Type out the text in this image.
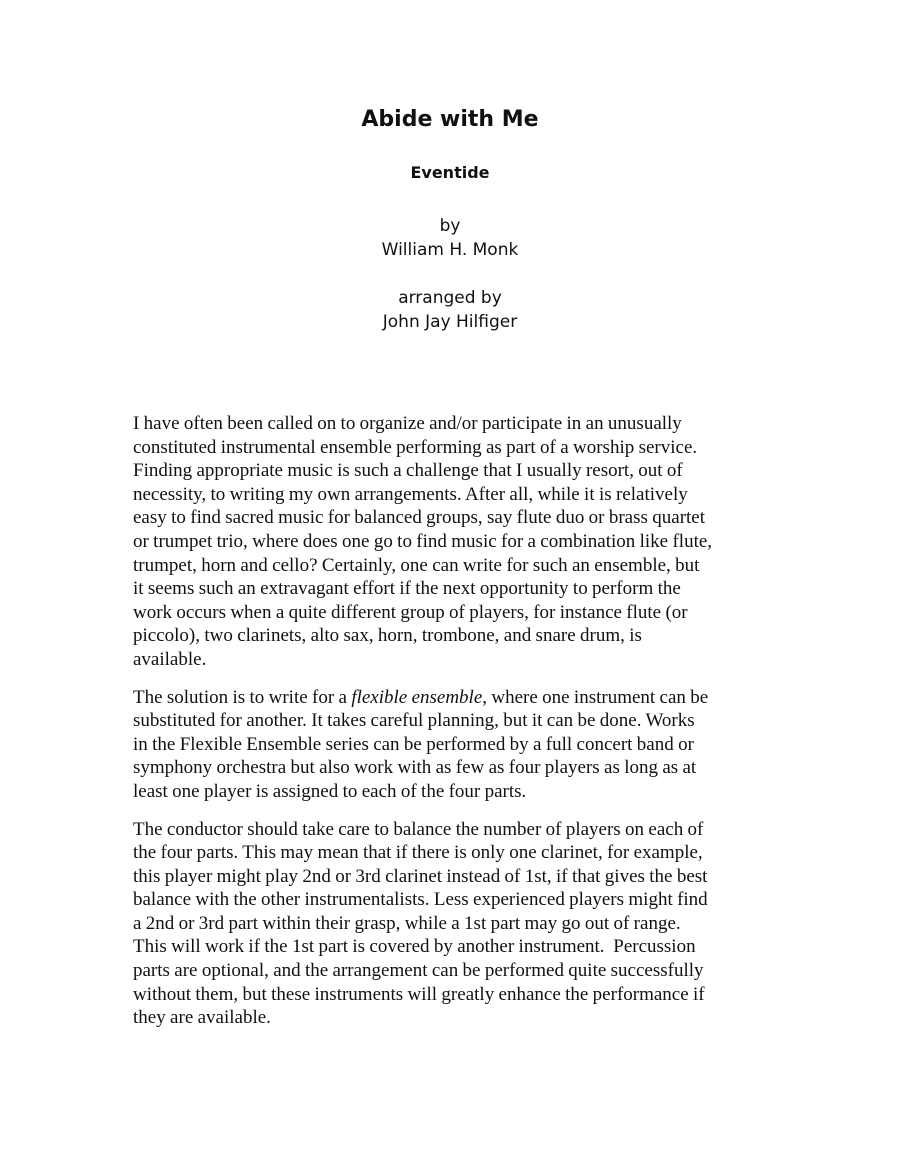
Abide with Me
Eventide
by
William H. Monk
arranged by
John Jay Hilfiger

I have often been called on to organize and/or participate in an unusually
constituted instrumental ensemble performing as part of a worship service.
Finding appropriate music is such a challenge that I usually resort, out of
necessity, to writing my own arrangements. After all, while it is relatively
easy to find sacred music for balanced groups, say flute duo or brass quartet
or trumpet trio, where does one go to find music for a combination like flute,
trumpet, horn and cello? Certainly, one can write for such an ensemble, but
it seems such an extravagant effort if the next opportunity to perform the
work occurs when a quite different group of players, for instance flute (or
piccolo), two clarinets, alto sax, horn, trombone, and snare drum, is
available.

The solution is to write for a flexible ensemble, where one instrument can be
substituted for another. It takes careful planning, but it can be done. Works
in the Flexible Ensemble series can be performed by a full concert band or
symphony orchestra but also work with as few as four players as long as at
least one player is assigned to each of the four parts.

The conductor should take care to balance the number of players on each of
the four parts. This may mean that if there is only one clarinet, for example,
this player might play 2nd or 3rd clarinet instead of 1st, if that gives the best
balance with the other instrumentalists. Less experienced players might find
a 2nd or 3rd part within their grasp, while a 1st part may go out of range.
This will work if the 1st part is covered by another instrument.  Percussion
parts are optional, and the arrangement can be performed quite successfully
without them, but these instruments will greatly enhance the performance if
they are available.
